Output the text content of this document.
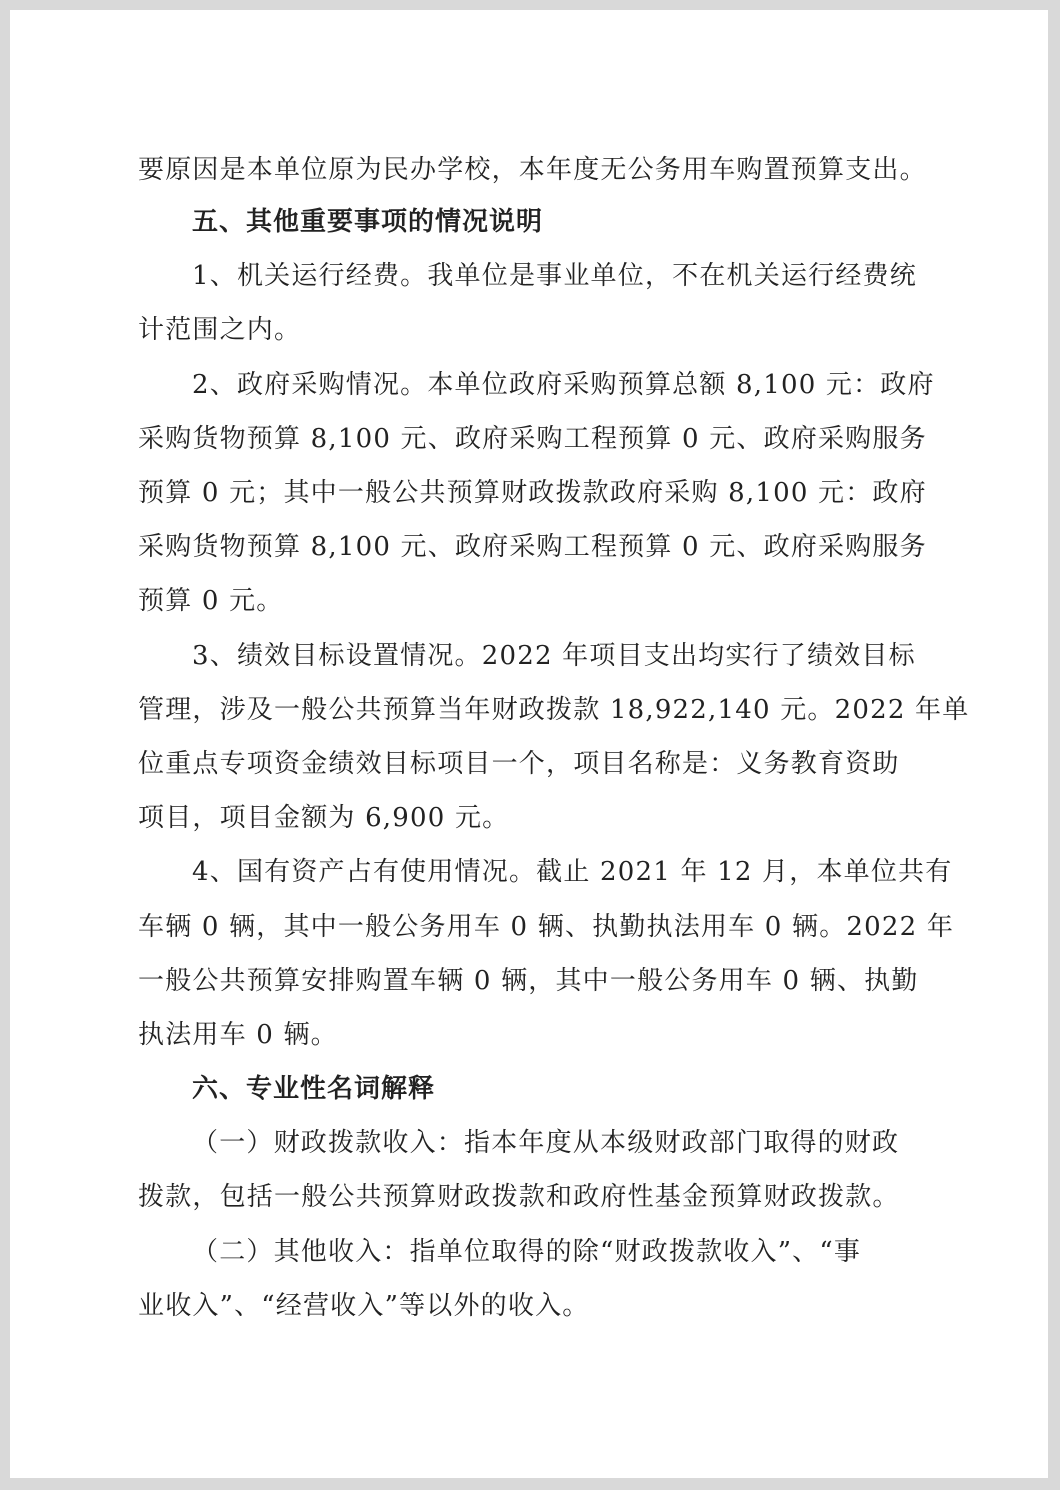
要原因是本单位原为民办学校，本年度无公务用车购置预算支出。
五、其他重要事项的情况说明
1、机关运行经费。我单位是事业单位，不在机关运行经费统
计范围之内。
2、政府采购情况。本单位政府采购预算总额 8,100 元：政府
采购货物预算 8,100 元、政府采购工程预算 0 元、政府采购服务
预算 0 元；其中一般公共预算财政拨款政府采购 8,100 元：政府
采购货物预算 8,100 元、政府采购工程预算 0 元、政府采购服务
预算 0 元。
3、绩效目标设置情况。2022 年项目支出均实行了绩效目标
管理，涉及一般公共预算当年财政拨款 18,922,140 元。2022 年单
位重点专项资金绩效目标项目一个，项目名称是：义务教育资助
项目，项目金额为 6,900 元。
4、国有资产占有使用情况。截止 2021 年 12 月，本单位共有
车辆 0 辆，其中一般公务用车 0 辆、执勤执法用车 0 辆。2022 年
一般公共预算安排购置车辆 0 辆，其中一般公务用车 0 辆、执勤
执法用车 0 辆。
六、专业性名词解释
（一）财政拨款收入：指本年度从本级财政部门取得的财政
拨款，包括一般公共预算财政拨款和政府性基金预算财政拨款。
（二）其他收入：指单位取得的除“财政拨款收入”、“事
业收入”、“经营收入”等以外的收入。
